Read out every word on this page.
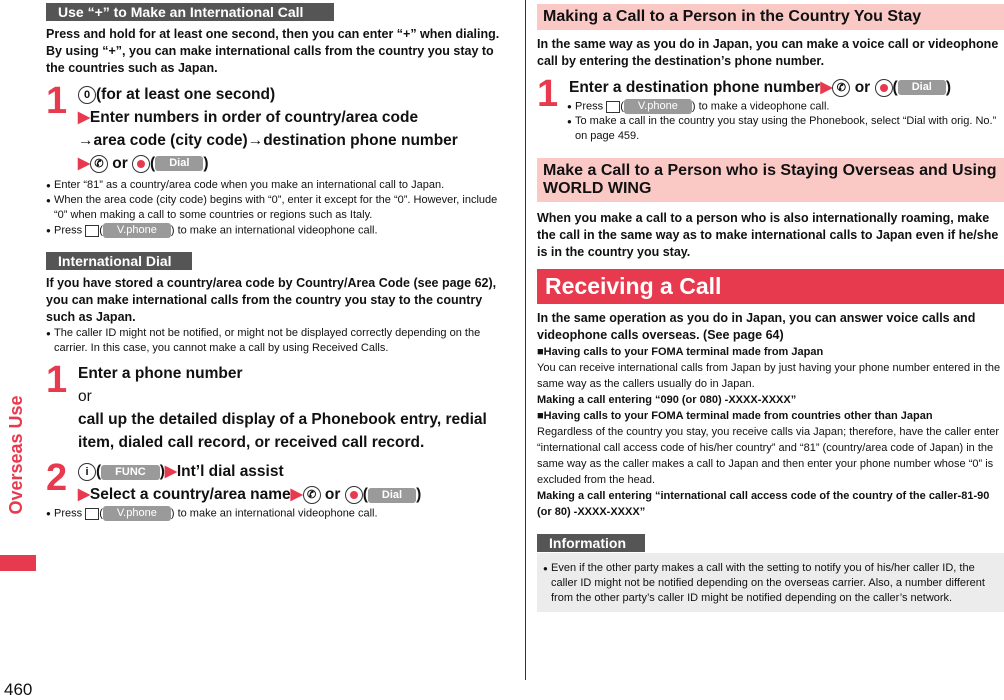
Overseas Use
460
Use “+” to Make an International Call
Press and hold for at least one second, then you can enter “+” when dialing. By using “+”, you can make international calls from the country you stay to the countries such as Japan.
1	0 (for at least one second)
▶Enter numbers in order of country/area code
→area code (city code)→destination phone number
▶ ✆ or ( Dial )
● Enter “81” as a country/area code when you make an international call to Japan.
● When the area code (city code) begins with “0”, enter it except for the “0”. However, include “0” when making a call to some countries or regions such as Italy.
● Press ( V.phone ) to make an international videophone call.
International Dial
If you have stored a country/area code by Country/Area Code (see page 62), you can make international calls from the country you stay to the country such as Japan.
● The caller ID might not be notified, or might not be displayed correctly depending on the carrier. In this case, you cannot make a call by using Received Calls.
1 Enter a phone number
or
call up the detailed display of a Phonebook entry, redial item, dialed call record, or received call record.
2	i ( FUNC )▶Int’l dial assist
▶Select a country/area name▶ ✆ or ( Dial )
● Press ( V.phone ) to make an international videophone call.
Making a Call to a Person in the Country You Stay
In the same way as you do in Japan, you can make a voice call or videophone call by entering the destination’s phone number.
1 Enter a destination phone number▶ ✆ or ( Dial )
● Press ( V.phone ) to make a videophone call.
● To make a call in the country you stay using the Phonebook, select “Dial with orig. No.” on page 459.
Make a Call to a Person who is Staying Overseas and Using WORLD WING
When you make a call to a person who is also internationally roaming, make the call in the same way as to make international calls to Japan even if he/she is in the country you stay.
Receiving a Call
In the same operation as you do in Japan, you can answer voice calls and videophone calls overseas. (See page 64)
■Having calls to your FOMA terminal made from Japan
You can receive international calls from Japan by just having your phone number entered in the same way as the callers usually do in Japan.
Making a call entering “090 (or 080) -XXXX-XXXX”
■Having calls to your FOMA terminal made from countries other than Japan
Regardless of the country you stay, you receive calls via Japan; therefore, have the caller enter “international call access code of his/her country” and “81” (country/area code of Japan) in the same way as the caller makes a call to Japan and then enter your phone number whose “0” is excluded from the head.
Making a call entering “international call access code of the country of the caller-81-90 (or 80) -XXXX-XXXX”
Information
● Even if the other party makes a call with the setting to notify you of his/her caller ID, the caller ID might not be notified depending on the overseas carrier. Also, a number different from the other party’s caller ID might be notified depending on the caller’s network.
